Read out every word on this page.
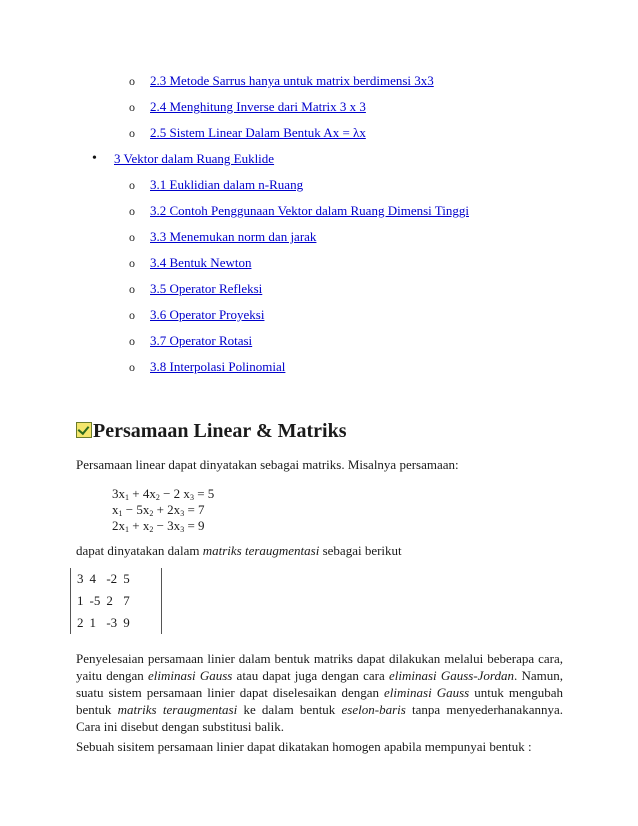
o 2.3 Metode Sarrus hanya untuk matrix berdimensi 3x3
o 2.4 Menghitung Inverse dari Matrix 3 x 3
o 2.5 Sistem Linear Dalam Bentuk Ax = λx
• 3 Vektor dalam Ruang Euklide
o 3.1 Euklidian dalam n-Ruang
o 3.2 Contoh Penggunaan Vektor dalam Ruang Dimensi Tinggi
o 3.3 Menemukan norm dan jarak
o 3.4 Bentuk Newton
o 3.5 Operator Refleksi
o 3.6 Operator Proyeksi
o 3.7 Operator Rotasi
o 3.8 Interpolasi Polinomial
Persamaan Linear & Matriks
Persamaan linear dapat dinyatakan sebagai matriks. Misalnya persamaan:
$3x_1 + 4x_2 - 2$ $x_3 = 5$
$x_1 - 5x_2 + 2x_3 = 7$
$2x_1 + x_2 - 3x_3 = 9$
dapat dinyatakan dalam matriks teraugmentasi sebagai berikut
3	4	-2	5
1	-5	2	7
2	1	-3	9
Penyelesaian persamaan linier dalam bentuk matriks dapat dilakukan melalui beberapa cara, yaitu dengan eliminasi Gauss atau dapat juga dengan cara eliminasi Gauss-Jordan. Namun, suatu sistem persamaan linier dapat diselesaikan dengan eliminasi Gauss untuk mengubah bentuk matriks teraugmentasi ke dalam bentuk eselon-baris tanpa menyederhanakannya. Cara ini disebut dengan substitusi balik.
Sebuah sisitem persamaan linier dapat dikatakan homogen apabila mempunyai bentuk :
